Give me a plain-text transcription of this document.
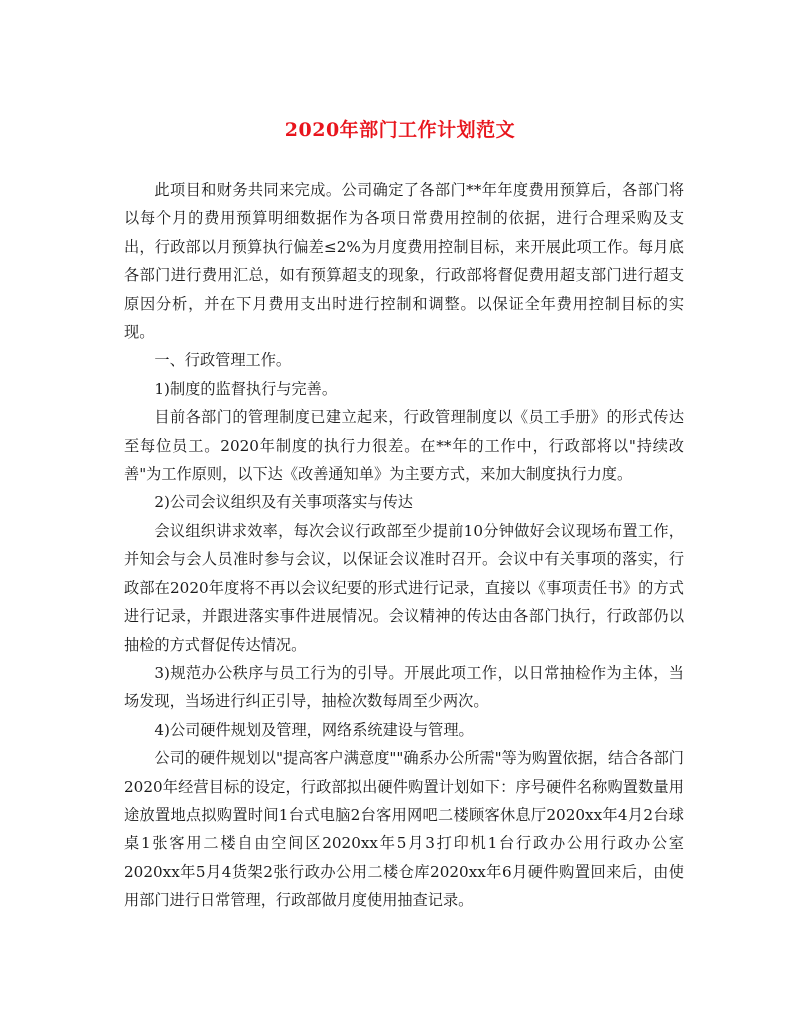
2020年部门工作计划范文

此项目和财务共同来完成。公司确定了各部门**年年度费用预算后，各部门将以每个月的费用预算明细数据作为各项日常费用控制的依据，进行合理采购及支出，行政部以月预算执行偏差≤2%为月度费用控制目标，来开展此项工作。每月底各部门进行费用汇总，如有预算超支的现象，行政部将督促费用超支部门进行超支原因分析，并在下月费用支出时进行控制和调整。以保证全年费用控制目标的实现。

一、行政管理工作。

1)制度的监督执行与完善。

目前各部门的管理制度已建立起来，行政管理制度以《员工手册》的形式传达至每位员工。2020年制度的执行力很差。在**年的工作中，行政部将以"持续改善"为工作原则，以下达《改善通知单》为主要方式，来加大制度执行力度。

2)公司会议组织及有关事项落实与传达

会议组织讲求效率，每次会议行政部至少提前10分钟做好会议现场布置工作，并知会与会人员准时参与会议，以保证会议准时召开。会议中有关事项的落实，行政部在2020年度将不再以会议纪要的形式进行记录，直接以《事项责任书》的方式进行记录，并跟进落实事件进展情况。会议精神的传达由各部门执行，行政部仍以抽检的方式督促传达情况。

3)规范办公秩序与员工行为的引导。开展此项工作，以日常抽检作为主体，当场发现，当场进行纠正引导，抽检次数每周至少两次。

4)公司硬件规划及管理，网络系统建设与管理。

公司的硬件规划以"提高客户满意度""确系办公所需"等为购置依据，结合各部门2020年经营目标的设定，行政部拟出硬件购置计划如下：序号硬件名称购置数量用途放置地点拟购置时间1台式电脑2台客用网吧二楼顾客休息厅2020xx年4月2台球桌1张客用二楼自由空间区2020xx年5月3打印机1台行政办公用行政办公室2020xx年5月4货架2张行政办公用二楼仓库2020xx年6月硬件购置回来后，由使用部门进行日常管理，行政部做月度使用抽查记录。
